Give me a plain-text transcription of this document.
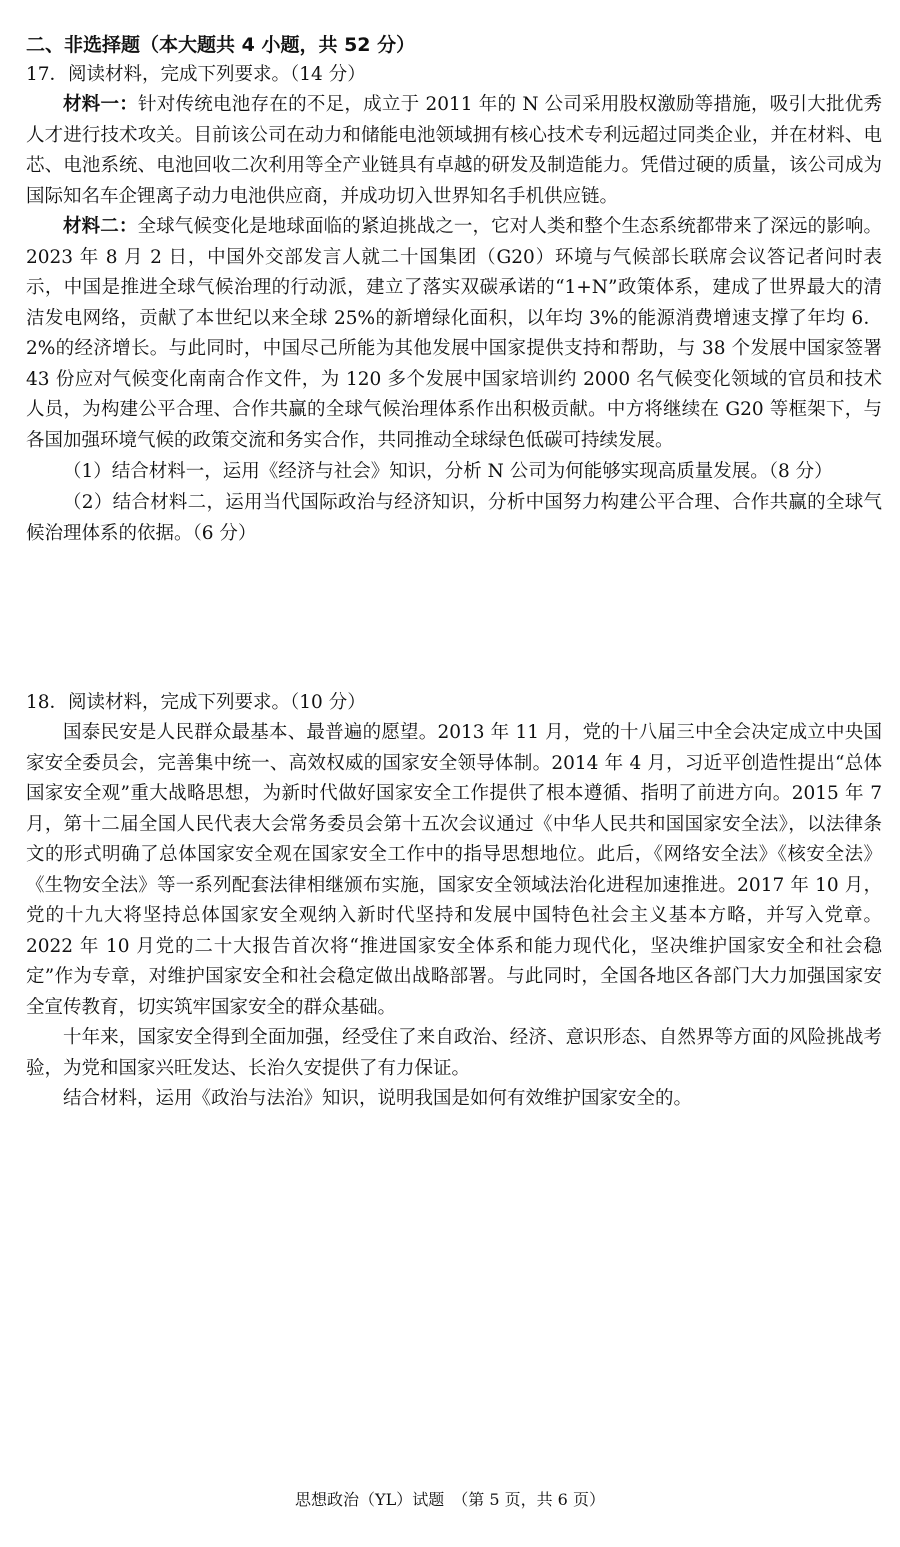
二、非选择题（本大题共 4 小题，共 52 分）

17．阅读材料，完成下列要求。（14 分）

材料一：针对传统电池存在的不足，成立于 2011 年的 N 公司采用股权激励等措施，吸引大批优秀人才进行技术攻关。目前该公司在动力和储能电池领域拥有核心技术专利远超过同类企业，并在材料、电芯、电池系统、电池回收二次利用等全产业链具有卓越的研发及制造能力。凭借过硬的质量，该公司成为国际知名车企锂离子动力电池供应商，并成功切入世界知名手机供应链。

材料二：全球气候变化是地球面临的紧迫挑战之一，它对人类和整个生态系统都带来了深远的影响。2023 年 8 月 2 日，中国外交部发言人就二十国集团（G20）环境与气候部长联席会议答记者问时表示，中国是推进全球气候治理的行动派，建立了落实双碳承诺的“1+N”政策体系，建成了世界最大的清洁发电网络，贡献了本世纪以来全球 25%的新增绿化面积，以年均 3%的能源消费增速支撑了年均 6．2%的经济增长。与此同时，中国尽己所能为其他发展中国家提供支持和帮助，与 38 个发展中国家签署 43 份应对气候变化南南合作文件，为 120 多个发展中国家培训约 2000 名气候变化领域的官员和技术人员，为构建公平合理、合作共赢的全球气候治理体系作出积极贡献。中方将继续在 G20 等框架下，与各国加强环境气候的政策交流和务实合作，共同推动全球绿色低碳可持续发展。

（1）结合材料一，运用《经济与社会》知识，分析 N 公司为何能够实现高质量发展。（8 分）

（2）结合材料二，运用当代国际政治与经济知识，分析中国努力构建公平合理、合作共赢的全球气候治理体系的依据。（6 分）

18．阅读材料，完成下列要求。（10 分）

国泰民安是人民群众最基本、最普遍的愿望。2013 年 11 月，党的十八届三中全会决定成立中央国家安全委员会，完善集中统一、高效权威的国家安全领导体制。2014 年 4 月，习近平创造性提出“总体国家安全观”重大战略思想，为新时代做好国家安全工作提供了根本遵循、指明了前进方向。2015 年 7 月，第十二届全国人民代表大会常务委员会第十五次会议通过《中华人民共和国国家安全法》，以法律条文的形式明确了总体国家安全观在国家安全工作中的指导思想地位。此后，《网络安全法》《核安全法》《生物安全法》等一系列配套法律相继颁布实施，国家安全领域法治化进程加速推进。2017 年 10 月，党的十九大将坚持总体国家安全观纳入新时代坚持和发展中国特色社会主义基本方略，并写入党章。2022 年 10 月党的二十大报告首次将“推进国家安全体系和能力现代化，坚决维护国家安全和社会稳定”作为专章，对维护国家安全和社会稳定做出战略部署。与此同时，全国各地区各部门大力加强国家安全宣传教育，切实筑牢国家安全的群众基础。

十年来，国家安全得到全面加强，经受住了来自政治、经济、意识形态、自然界等方面的风险挑战考验，为党和国家兴旺发达、长治久安提供了有力保证。

结合材料，运用《政治与法治》知识，说明我国是如何有效维护国家安全的。

思想政治（YL）试题　（第 5 页，共 6 页）
